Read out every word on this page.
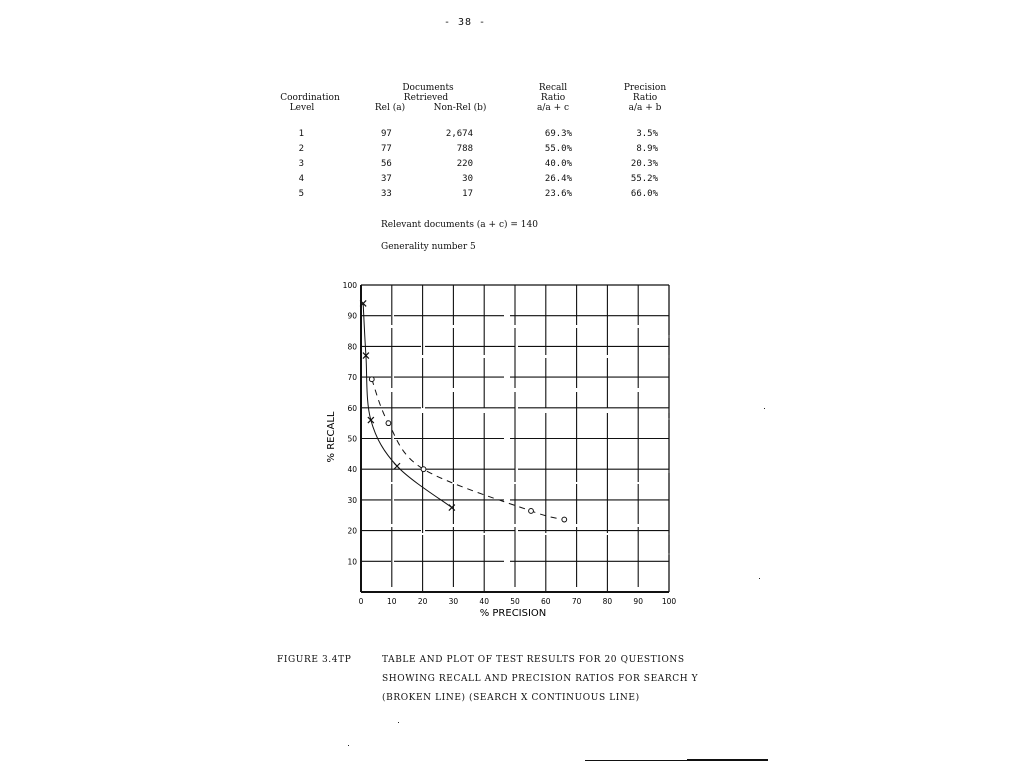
- 38 -
Coordination
Level
Documents
Retrieved
Rel (a)	Non-Rel (b)
Recall
Ratio
a/a + c
Precision
Ratio
a/a + b
1	97	2,674	69.3%	3.5%
2	77	788	55.0%	8.9%
3	56	220	40.0%	20.3%
4	37	30	26.4%	55.2%
5	33	17	23.6%	66.0%
Relevant documents (a + c) = 140
Generality number 5
0	10	20	30	40	50	60	70	80	90	100
10
20
30
40
50
60
70
80
90
100
% PRECISION
% RECALL
FIGURE 3.4TP	TABLE AND PLOT OF TEST RESULTS FOR 20 QUESTIONS
SHOWING RECALL AND PRECISION RATIOS FOR SEARCH Y
(BROKEN LINE) (SEARCH X CONTINUOUS LINE)
